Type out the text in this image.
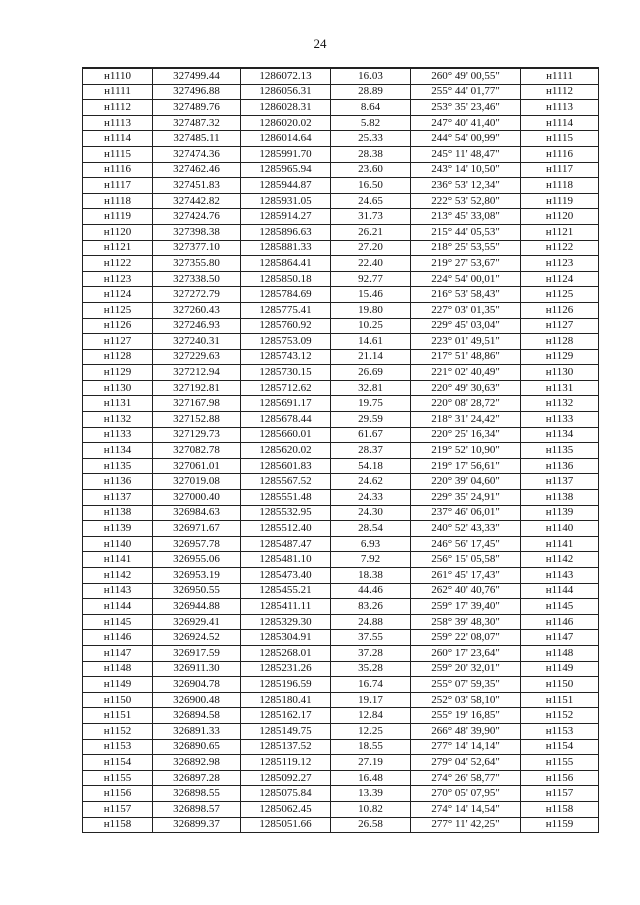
24
н1110	327499.44	1286072.13	16.03	260° 49' 00,55"	н1111
н1111	327496.88	1286056.31	28.89	255° 44' 01,77"	н1112
н1112	327489.76	1286028.31	8.64	253° 35' 23,46"	н1113
н1113	327487.32	1286020.02	5.82	247° 40' 41,40"	н1114
н1114	327485.11	1286014.64	25.33	244° 54' 00,99"	н1115
н1115	327474.36	1285991.70	28.38	245° 11' 48,47"	н1116
н1116	327462.46	1285965.94	23.60	243° 14' 10,50"	н1117
н1117	327451.83	1285944.87	16.50	236° 53' 12,34"	н1118
н1118	327442.82	1285931.05	24.65	222° 53' 52,80"	н1119
н1119	327424.76	1285914.27	31.73	213° 45' 33,08"	н1120
н1120	327398.38	1285896.63	26.21	215° 44' 05,53"	н1121
н1121	327377.10	1285881.33	27.20	218° 25' 53,55"	н1122
н1122	327355.80	1285864.41	22.40	219° 27' 53,67"	н1123
н1123	327338.50	1285850.18	92.77	224° 54' 00,01"	н1124
н1124	327272.79	1285784.69	15.46	216° 53' 58,43"	н1125
н1125	327260.43	1285775.41	19.80	227° 03' 01,35"	н1126
н1126	327246.93	1285760.92	10.25	229° 45' 03,04"	н1127
н1127	327240.31	1285753.09	14.61	223° 01' 49,51"	н1128
н1128	327229.63	1285743.12	21.14	217° 51' 48,86"	н1129
н1129	327212.94	1285730.15	26.69	221° 02' 40,49"	н1130
н1130	327192.81	1285712.62	32.81	220° 49' 30,63"	н1131
н1131	327167.98	1285691.17	19.75	220° 08' 28,72"	н1132
н1132	327152.88	1285678.44	29.59	218° 31' 24,42"	н1133
н1133	327129.73	1285660.01	61.67	220° 25' 16,34"	н1134
н1134	327082.78	1285620.02	28.37	219° 52' 10,90"	н1135
н1135	327061.01	1285601.83	54.18	219° 17' 56,61"	н1136
н1136	327019.08	1285567.52	24.62	220° 39' 04,60"	н1137
н1137	327000.40	1285551.48	24.33	229° 35' 24,91"	н1138
н1138	326984.63	1285532.95	24.30	237° 46' 06,01"	н1139
н1139	326971.67	1285512.40	28.54	240° 52' 43,33"	н1140
н1140	326957.78	1285487.47	6.93	246° 56' 17,45"	н1141
н1141	326955.06	1285481.10	7.92	256° 15' 05,58"	н1142
н1142	326953.19	1285473.40	18.38	261° 45' 17,43"	н1143
н1143	326950.55	1285455.21	44.46	262° 40' 40,76"	н1144
н1144	326944.88	1285411.11	83.26	259° 17' 39,40"	н1145
н1145	326929.41	1285329.30	24.88	258° 39' 48,30"	н1146
н1146	326924.52	1285304.91	37.55	259° 22' 08,07"	н1147
н1147	326917.59	1285268.01	37.28	260° 17' 23,64"	н1148
н1148	326911.30	1285231.26	35.28	259° 20' 32,01"	н1149
н1149	326904.78	1285196.59	16.74	255° 07' 59,35"	н1150
н1150	326900.48	1285180.41	19.17	252° 03' 58,10"	н1151
н1151	326894.58	1285162.17	12.84	255° 19' 16,85"	н1152
н1152	326891.33	1285149.75	12.25	266° 48' 39,90"	н1153
н1153	326890.65	1285137.52	18.55	277° 14' 14,14"	н1154
н1154	326892.98	1285119.12	27.19	279° 04' 52,64"	н1155
н1155	326897.28	1285092.27	16.48	274° 26' 58,77"	н1156
н1156	326898.55	1285075.84	13.39	270° 05' 07,95"	н1157
н1157	326898.57	1285062.45	10.82	274° 14' 14,54"	н1158
н1158	326899.37	1285051.66	26.58	277° 11' 42,25"	н1159
